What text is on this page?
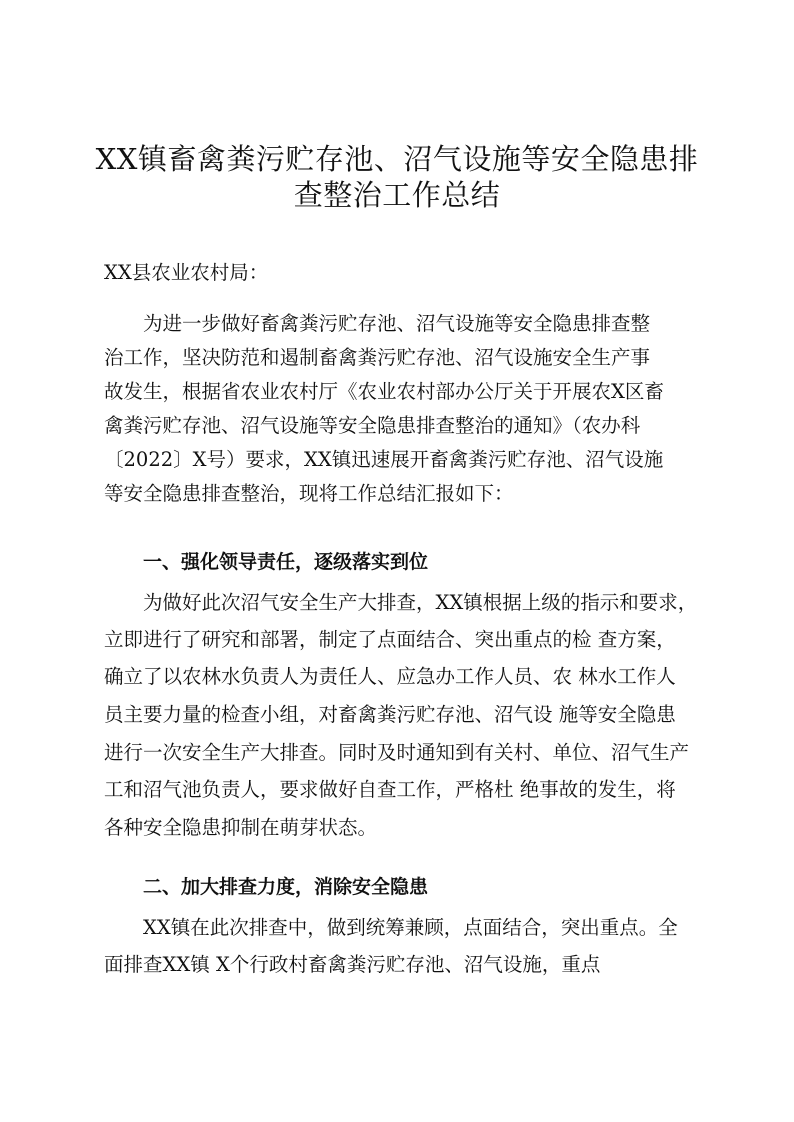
XX镇畜禽粪污贮存池、沼气设施等安全隐患排
查整治工作总结
XX县农业农村局：
为进一步做好畜禽粪污贮存池、沼气设施等安全隐患排查整
治工作，坚决防范和遏制畜禽粪污贮存池、沼气设施安全生产事
故发生，根据省农业农村厅《农业农村部办公厅关于开展农X区畜
禽粪污贮存池、沼气设施等安全隐患排查整治的通知》（农办科
〔2022〕X号）要求，XX镇迅速展开畜禽粪污贮存池、沼气设施
等安全隐患排查整治，现将工作总结汇报如下：
一、强化领导责任，逐级落实到位
为做好此次沼气安全生产大排查，XX镇根据上级的指示和要求，
立即进行了研究和部署，制定了点面结合、突出重点的检 查方案，
确立了以农林水负责人为责任人、应急办工作人员、农 林水工作人
员主要力量的检查小组，对畜禽粪污贮存池、沼气设 施等安全隐患
进行一次安全生产大排查。同时及时通知到有关村、单位、沼气生产
工和沼气池负责人，要求做好自查工作，严格杜 绝事故的发生，将
各种安全隐患抑制在萌芽状态。
二、加大排查力度，消除安全隐患
XX镇在此次排查中，做到统筹兼顾，点面结合，突出重点。全
面排查XX镇 X个行政村畜禽粪污贮存池、沼气设施，重点
